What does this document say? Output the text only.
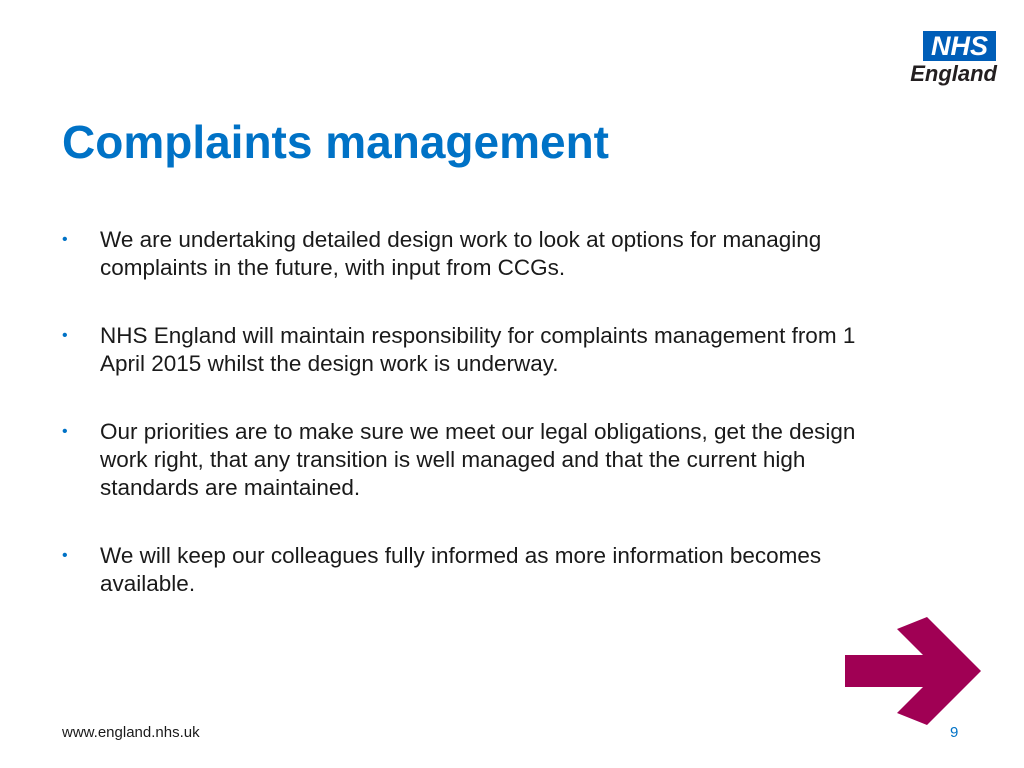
NHS
England
Complaints management
• We are undertaking detailed design work to look at options for managing complaints in the future, with input from CCGs.
• NHS England will maintain responsibility for complaints management from 1 April 2015 whilst the design work is underway.
• Our priorities are to make sure we meet our legal obligations, get the design work right, that any transition is well managed and that the current high standards are maintained.
• We will keep our colleagues fully informed as more information becomes available.
www.england.nhs.uk	9
